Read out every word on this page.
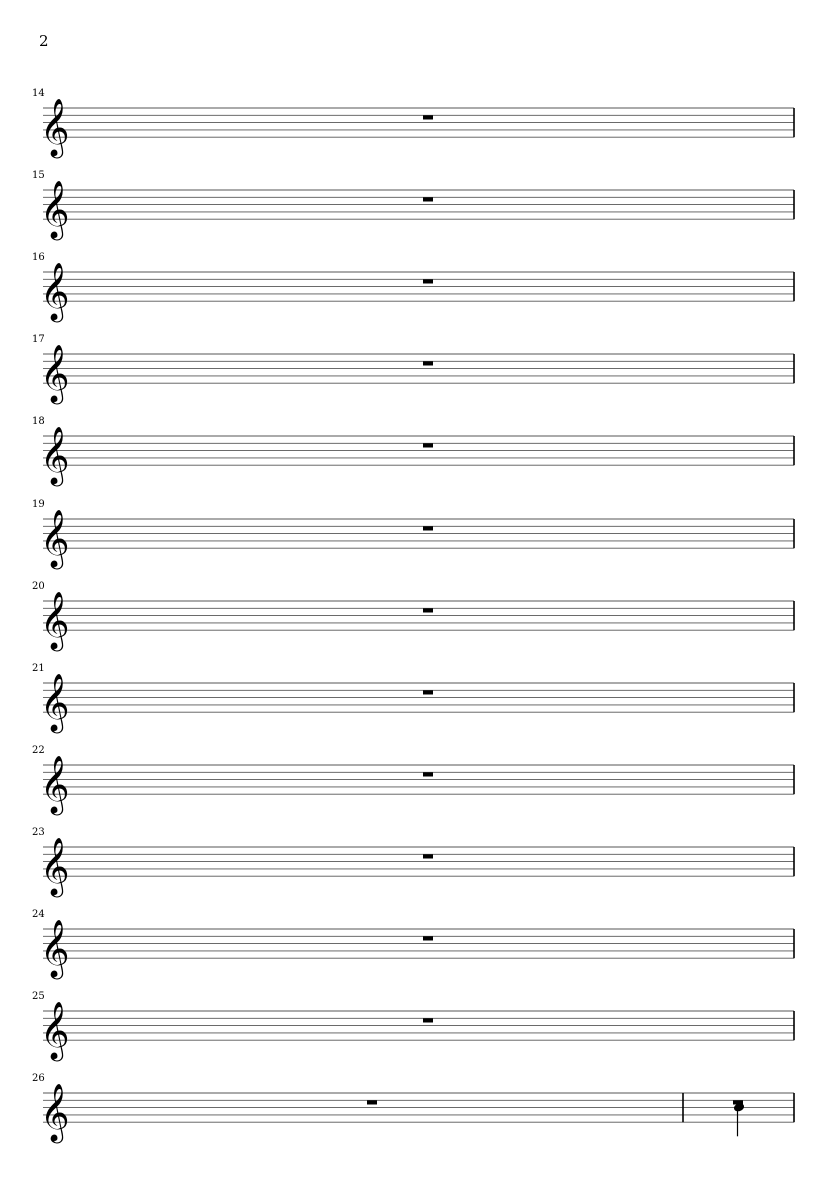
2
14
𝄞
15
𝄞
16
𝄞
17
𝄞
18
𝄞
19
𝄞
20
𝄞
21
𝄞
22
𝄞
23
𝄞
24
𝄞
25
𝄞
26
𝄞
